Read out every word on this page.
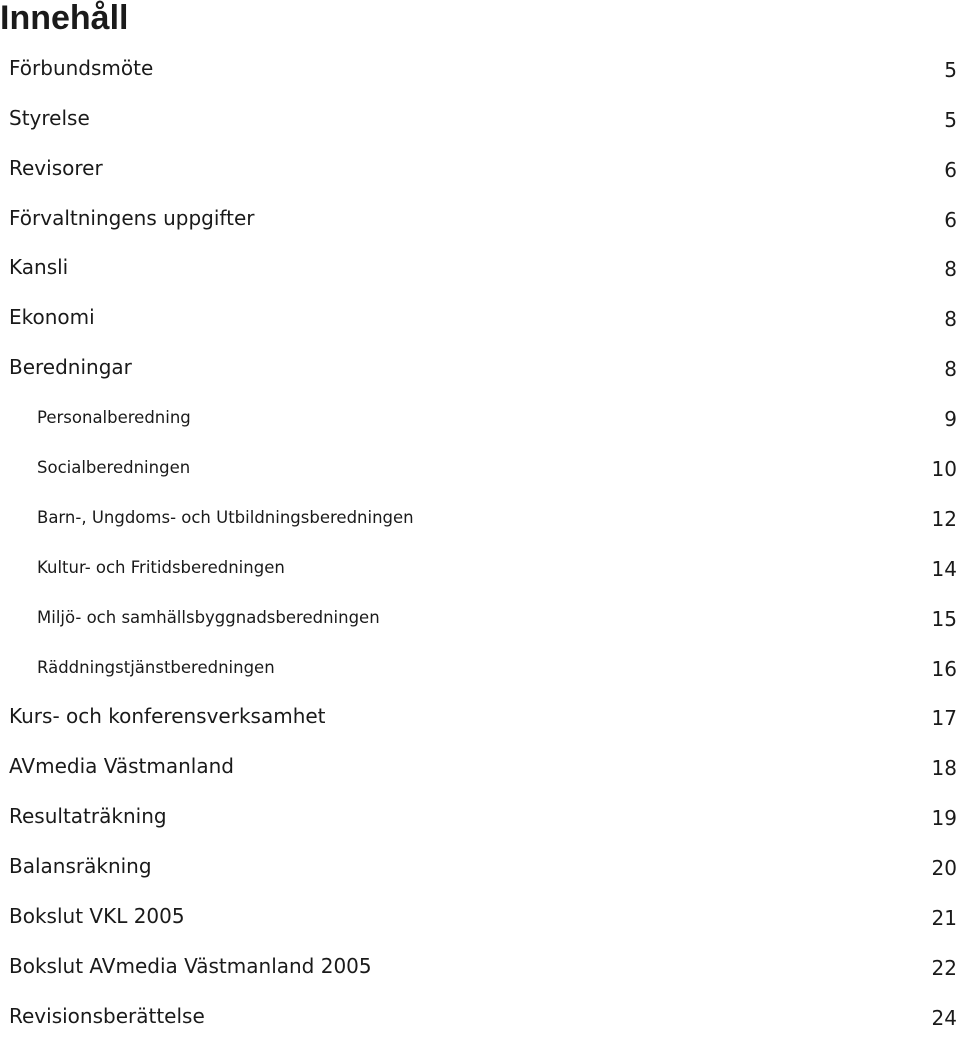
Innehåll
Förbundsmöte	5
Styrelse	5
Revisorer	6
Förvaltningens uppgifter	6
Kansli	8
Ekonomi	8
Beredningar	8
Personalberedning	9
Socialberedningen	10
Barn-, Ungdoms- och Utbildningsberedningen	12
Kultur- och Fritidsberedningen	14
Miljö- och samhällsbyggnadsberedningen	15
Räddningstjänstberedningen	16
Kurs- och konferensverksamhet	17
AVmedia Västmanland	18
Resultaträkning	19
Balansräkning	20
Bokslut VKL 2005	21
Bokslut AVmedia Västmanland 2005	22
Revisionsberättelse	24
